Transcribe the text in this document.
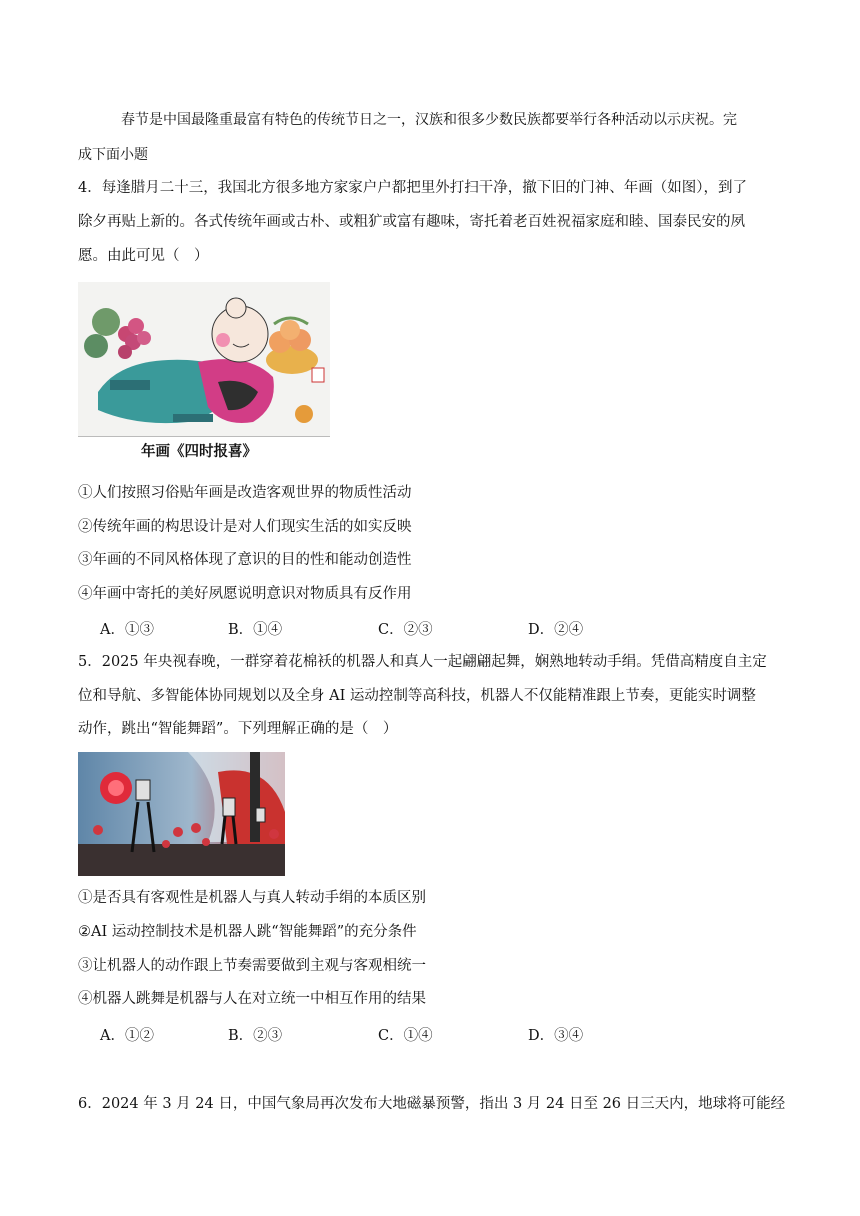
春节是中国最隆重最富有特色的传统节日之一，汉族和很多少数民族都要举行各种活动以示庆祝。完
成下面小题
4．每逢腊月二十三，我国北方很多地方家家户户都把里外打扫干净，撤下旧的门神、年画（如图），到了
除夕再贴上新的。各式传统年画或古朴、或粗犷或富有趣味，寄托着老百姓祝福家庭和睦、国泰民安的夙
愿。由此可见（　）
年画《四时报喜》
①人们按照习俗贴年画是改造客观世界的物质性活动
②传统年画的构思设计是对人们现实生活的如实反映
③年画的不同风格体现了意识的目的性和能动创造性
④年画中寄托的美好夙愿说明意识对物质具有反作用
A．①③	B．①④	C．②③	D．②④
5．2025 年央视春晚，一群穿着花棉袄的机器人和真人一起翩翩起舞，娴熟地转动手绢。凭借高精度自主定
位和导航、多智能体协同规划以及全身 AI 运动控制等高科技，机器人不仅能精准跟上节奏，更能实时调整
动作，跳出“智能舞蹈”。下列理解正确的是（　）
①是否具有客观性是机器人与真人转动手绢的本质区别
②AI 运动控制技术是机器人跳“智能舞蹈”的充分条件
③让机器人的动作跟上节奏需要做到主观与客观相统一
④机器人跳舞是机器与人在对立统一中相互作用的结果
A．①②	B．②③	C．①④	D．③④
6．2024 年 3 月 24 日，中国气象局再次发布大地磁暴预警，指出 3 月 24 日至 26 日三天内，地球将可能经
